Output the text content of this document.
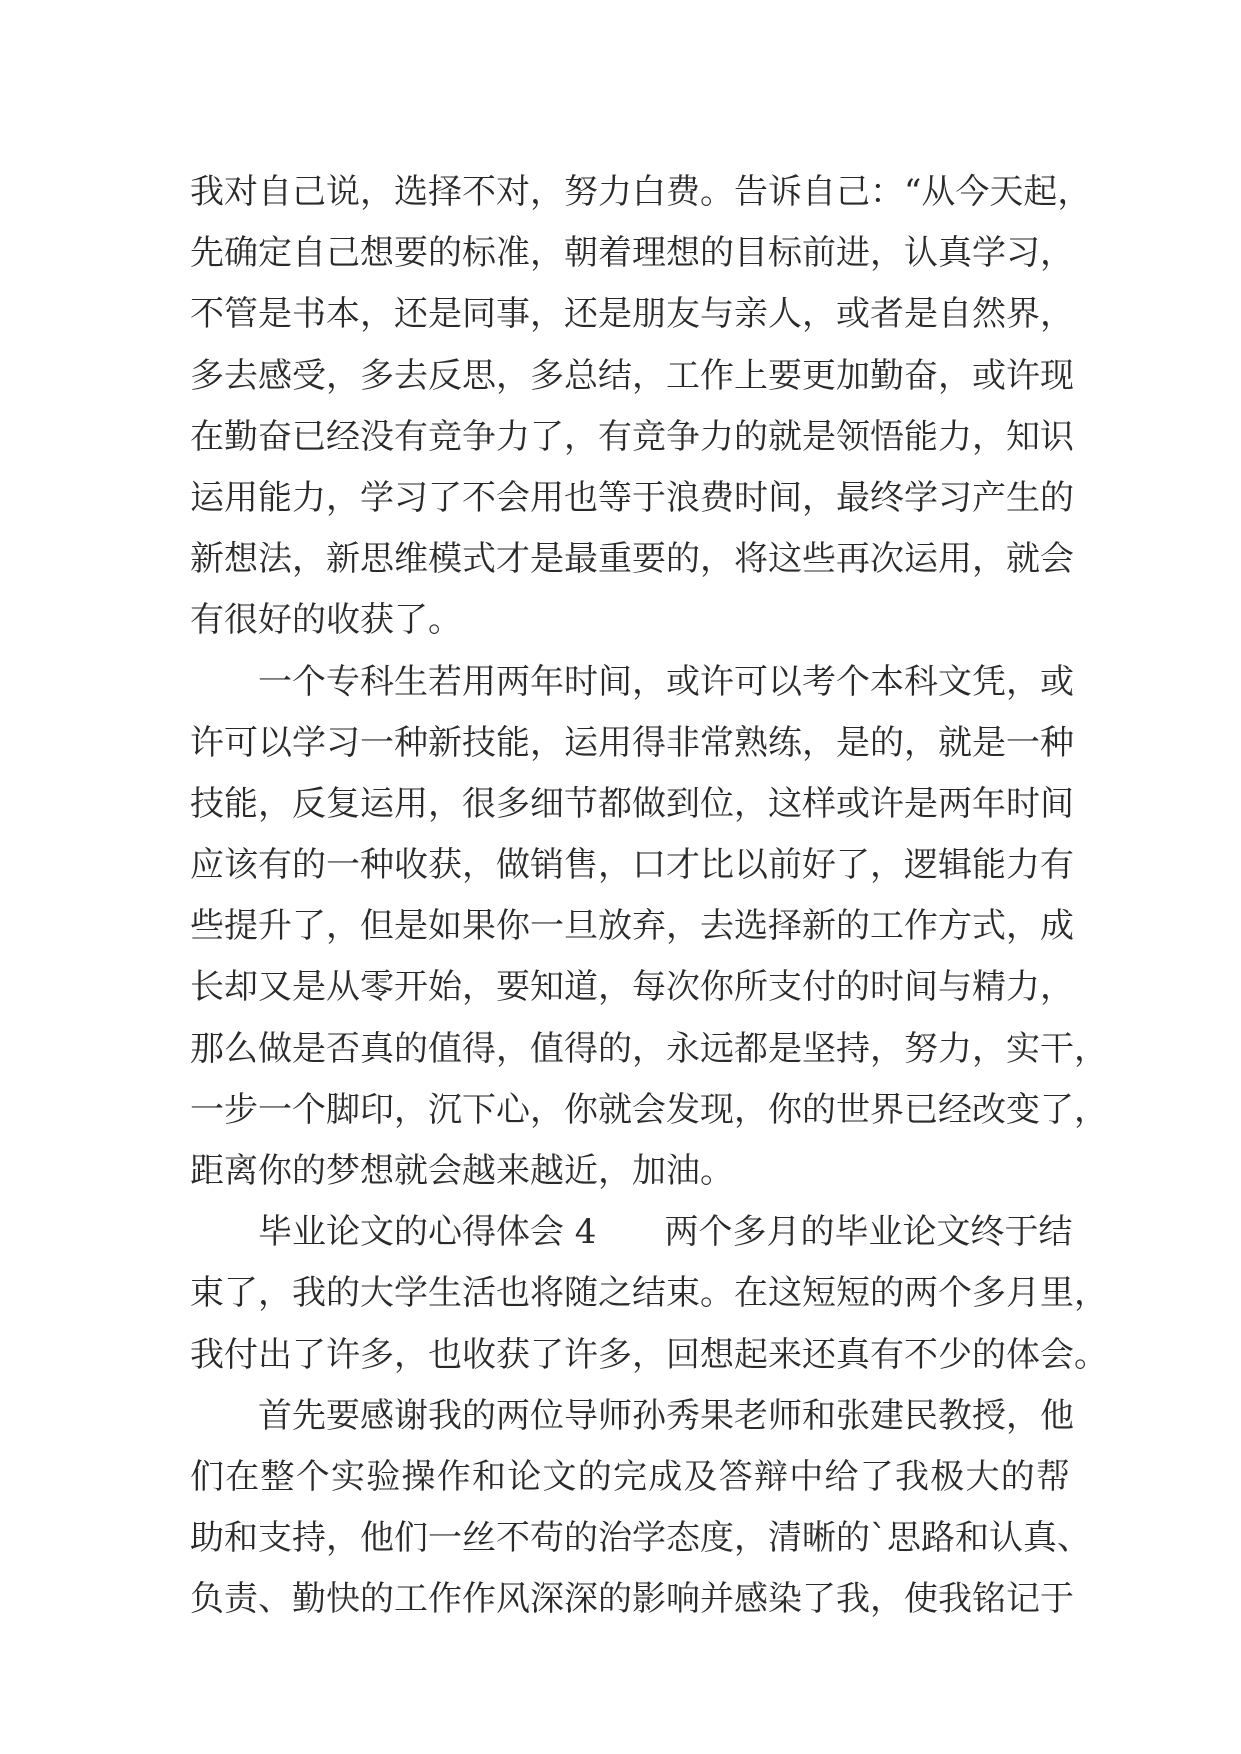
我对自己说，选择不对，努力白费。告诉自己：“从今天起，
先确定自己想要的标准，朝着理想的目标前进，认真学习，
不管是书本，还是同事，还是朋友与亲人，或者是自然界，
多去感受，多去反思，多总结，工作上要更加勤奋，或许现
在勤奋已经没有竞争力了，有竞争力的就是领悟能力，知识
运用能力，学习了不会用也等于浪费时间，最终学习产生的
新想法，新思维模式才是最重要的，将这些再次运用，就会
有很好的收获了。
一个专科生若用两年时间，或许可以考个本科文凭，或
许可以学习一种新技能，运用得非常熟练，是的，就是一种
技能，反复运用，很多细节都做到位，这样或许是两年时间
应该有的一种收获，做销售，口才比以前好了，逻辑能力有
些提升了，但是如果你一旦放弃，去选择新的工作方式，成
长却又是从零开始，要知道，每次你所支付的时间与精力，
那么做是否真的值得，值得的，永远都是坚持，努力，实干，
一步一个脚印，沉下心，你就会发现，你的世界已经改变了，
距离你的梦想就会越来越近，加油。
毕业论文的心得体会 4 两个多月的毕业论文终于结
束了，我的大学生活也将随之结束。在这短短的两个多月里，
我付出了许多，也收获了许多，回想起来还真有不少的体会。
首先要感谢我的两位导师孙秀果老师和张建民教授，他
们在整个实验操作和论文的完成及答辩中给了我极大的帮
助和支持，他们一丝不苟的治学态度，清晰的`思路和认真、
负责、勤快的工作作风深深的影响并感染了我，使我铭记于
